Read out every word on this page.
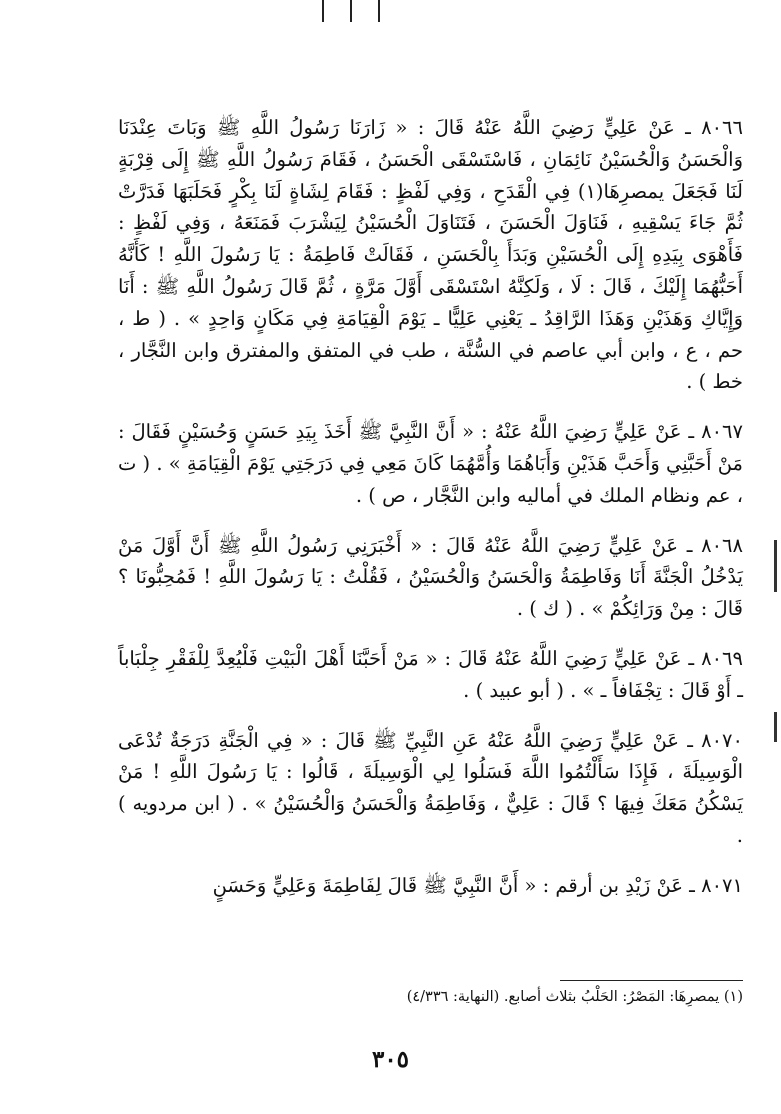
٨٠٦٦ ـ عَنْ عَلِيٍّ رَضِيَ اللَّهُ عَنْهُ قَالَ : « زَارَنَا رَسُولُ اللَّهِ ﷺ وَبَاتَ عِنْدَنَا وَالْحَسَنُ وَالْحُسَيْنُ نَائِمَانِ ، فَاسْتَسْقَى الْحَسَنُ ، فَقَامَ رَسُولُ اللَّهِ ﷺ إِلَى قِرْبَةٍ لَنَا فَجَعَلَ يمصرِهَا(١) فِي الْقَدَحِ ، وَفِي لَفْظٍ : فَقَامَ لِشَاةٍ لَنَا بِكْرٍ فَحَلَبَهَا فَدَرَّتْ ثُمَّ جَاءَ يَسْقِيهِ ، فَنَاوَلَ الْحَسَنَ ، فَتَنَاوَلَ الْحُسَيْنُ لِيَشْرَبَ فَمَنَعَهُ ، وَفِي لَفْظٍ : فَأَهْوَى بِيَدِهِ إِلَى الْحُسَيْنِ وَبَدَأَ بِالْحَسَنِ ، فَقَالَتْ فَاطِمَةُ : يَا رَسُولَ اللَّهِ ! كَأَنَّهُ أَحَبُّهُمَا إِلَيْكَ ، قَالَ : لَا ، وَلَكِنَّهُ اسْتَسْقَى أَوَّلَ مَرَّةٍ ، ثُمَّ قَالَ رَسُولُ اللَّهِ ﷺ : أَنَا وَإِيَّاكِ وَهَذَيْنِ وَهَذَا الرَّاقِدُ ـ يَعْنِي عَلِيًّا ـ يَوْمَ الْقِيَامَةِ فِي مَكَانٍ وَاحِدٍ » . ( ط ، حم ، ع ، وابن أبي عاصم في السُّنَّة ، طب في المتفق والمفترق وابن النَّجَّار ، خط ) .

٨٠٦٧ ـ عَنْ عَلِيٍّ رَضِيَ اللَّهُ عَنْهُ : « أَنَّ النَّبِيَّ ﷺ أَخَذَ بِيَدِ حَسَنٍ وَحُسَيْنٍ فَقَالَ : مَنْ أَحَبَّنِي وَأَحَبَّ هَذَيْنِ وَأَبَاهُمَا وَأُمَّهُمَا كَانَ مَعِي فِي دَرَجَتِي يَوْمَ الْقِيَامَةِ » . ( ت ، عم ونظام الملك في أماليه وابن النَّجَّار ، ص ) .

٨٠٦٨ ـ عَنْ عَلِيٍّ رَضِيَ اللَّهُ عَنْهُ قَالَ : « أَخْبَرَنِي رَسُولُ اللَّهِ ﷺ أَنَّ أَوَّلَ مَنْ يَدْخُلُ الْجَنَّةَ أَنَا وَفَاطِمَةُ وَالْحَسَنُ وَالْحُسَيْنُ ، فَقُلْتُ : يَا رَسُولَ اللَّهِ ! فَمُحِبُّونَا ؟ قَالَ : مِنْ وَرَائِكُمْ » . ( ك ) .

٨٠٦٩ ـ عَنْ عَلِيٍّ رَضِيَ اللَّهُ عَنْهُ قَالَ : « مَنْ أَحَبَّنَا أَهْلَ الْبَيْتِ فَلْيُعِدَّ لِلْفَقْرِ جِلْبَاباً ـ أَوْ قَالَ : تِجْفَافاً ـ » . ( أبو عبيد ) .

٨٠٧٠ ـ عَنْ عَلِيٍّ رَضِيَ اللَّهُ عَنْهُ عَنِ النَّبِيِّ ﷺ قَالَ : « فِي الْجَنَّةِ دَرَجَةٌ تُدْعَى الْوَسِيلَةَ ، فَإِذَا سَأَلْتُمُوا اللَّهَ فَسَلُوا لِي الْوَسِيلَةَ ، قَالُوا : يَا رَسُولَ اللَّهِ ! مَنْ يَسْكُنُ مَعَكَ فِيهَا ؟ قَالَ : عَلِيٌّ ، وَفَاطِمَةُ وَالْحَسَنُ وَالْحُسَيْنُ » . ( ابن مردويه ) .

٨٠٧١ ـ عَنْ زَيْدِ بن أرقم : « أَنَّ النَّبِيَّ ﷺ قَالَ لِفَاطِمَةَ وَعَلِيٍّ وَحَسَنٍ

(١) يمصرِهَا: المَصْرُ: الحَلْبُ بثلاث أصابع. (النهاية: ٤/٣٣٦)
٣٠٥
